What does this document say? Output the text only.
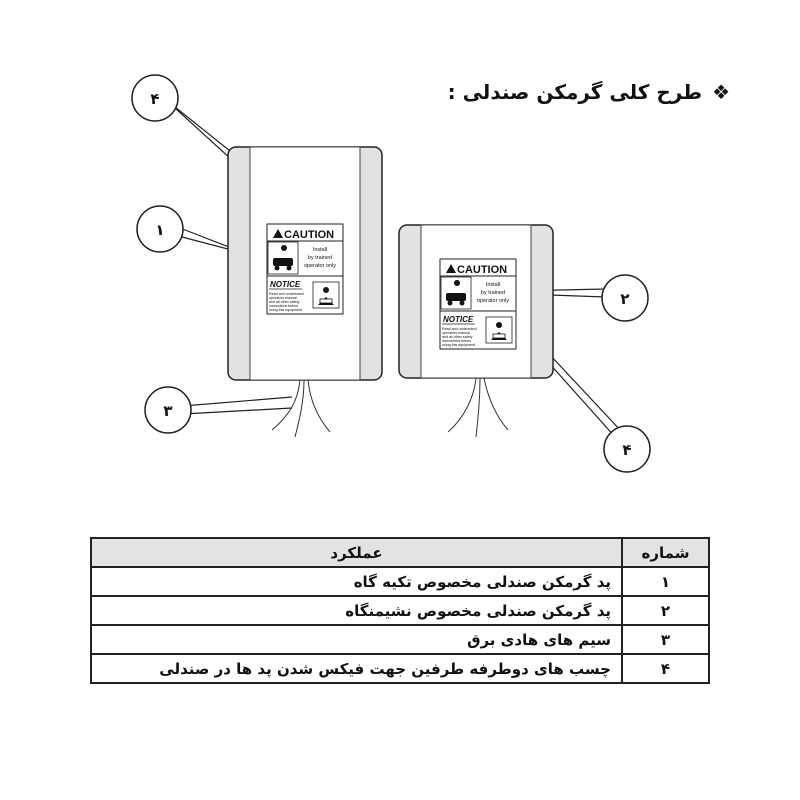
❖
طرح کلی گرمکن صندلی :
CAUTION
Install
by trained
operator only
NOTICE
Read and understand
operators manual
and all other safety
instructions before
using this equipment
CAUTION
Install
by trained
operator only
NOTICE
Read and understand
operators manual
and all other safety
instructions before
using this equipment
۴
۱
۳
۲
۴
شماره	عملکرد
۱	پد گرمکن صندلی مخصوص تکیه گاه
۲	پد گرمکن صندلی مخصوص نشیمنگاه
۳	سیم های هادی برق
۴	چسب های دوطرفه طرفین جهت فیکس شدن پد ها در صندلی
